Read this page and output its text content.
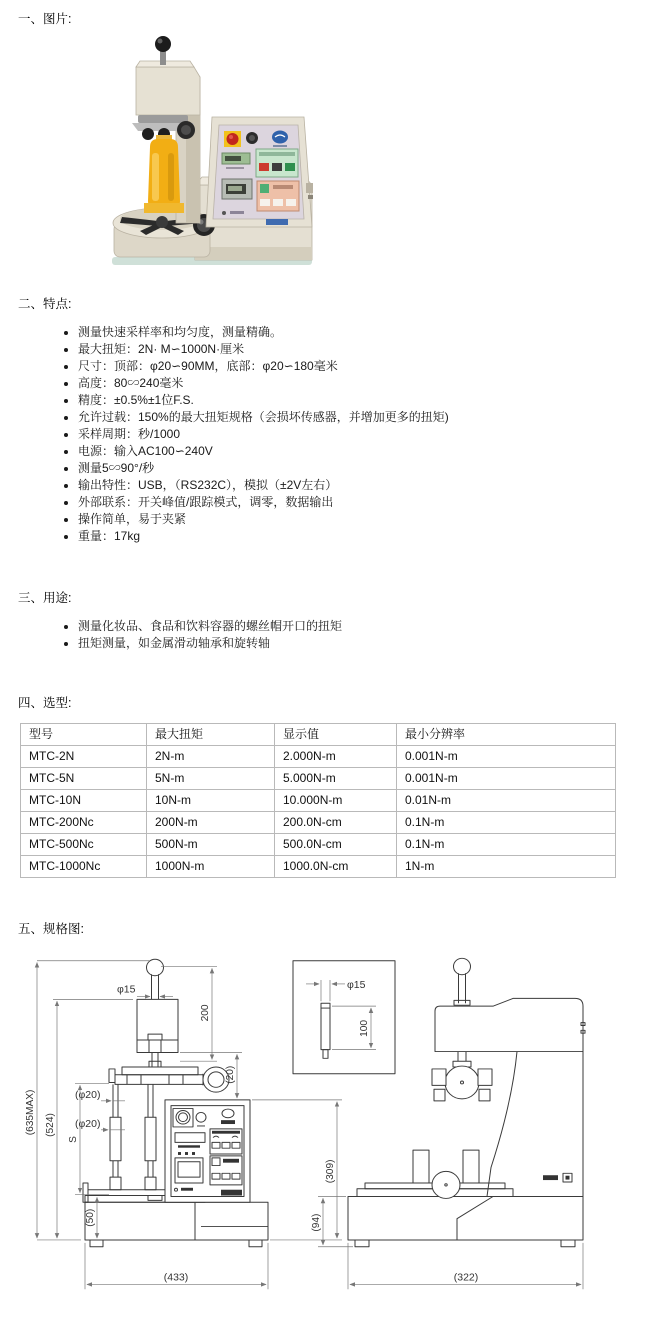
一、图片:
二、特点:
• 测量快速采样率和均匀度，测量精确。
• 最大扭矩：2N· M∽1000N·厘米
• 尺寸：顶部：φ20∽90MM，底部：φ20∽180毫米
• 高度：80∽240毫米
• 精度：±0.5%±1位F.S.
• 允许过载：150%的最大扭矩规格（会损坏传感器，并增加更多的扭矩)
• 采样周期：秒/1000
• 电源：输入AC100∽240V
• 测量5∽90°/秒
• 输出特性：USB，（RS232C），模拟（±2V左右）
• 外部联系：开关峰值/跟踪模式，调零，数据输出
• 操作简单，易于夹紧
• 重量：17kg
三、用途:
• 测量化妆品、食品和饮料容器的螺丝帽开口的扭矩
• 扭矩测量，如金属滑动轴承和旋转轴
四、选型:
型号	最大扭矩	显示值	最小分辨率
MTC-2N	2N-m	2.000N-m	0.001N-m
MTC-5N	5N-m	5.000N-m	0.001N-m
MTC-10N	10N-m	10.000N-m	0.01N-m
MTC-200Nc	200N-m	200.0N-cm	0.1N-m
MTC-500Nc	500N-m	500.0N-cm	0.1N-m
MTC-1000Nc	1000N-m	1000.0N-cm	1N-m
五、规格图:
(635MAX) (524)
S
(50)
φ15
200
(20)
(φ20)
(φ20)
(309)
(433)
φ15
100
(94)
(322)
